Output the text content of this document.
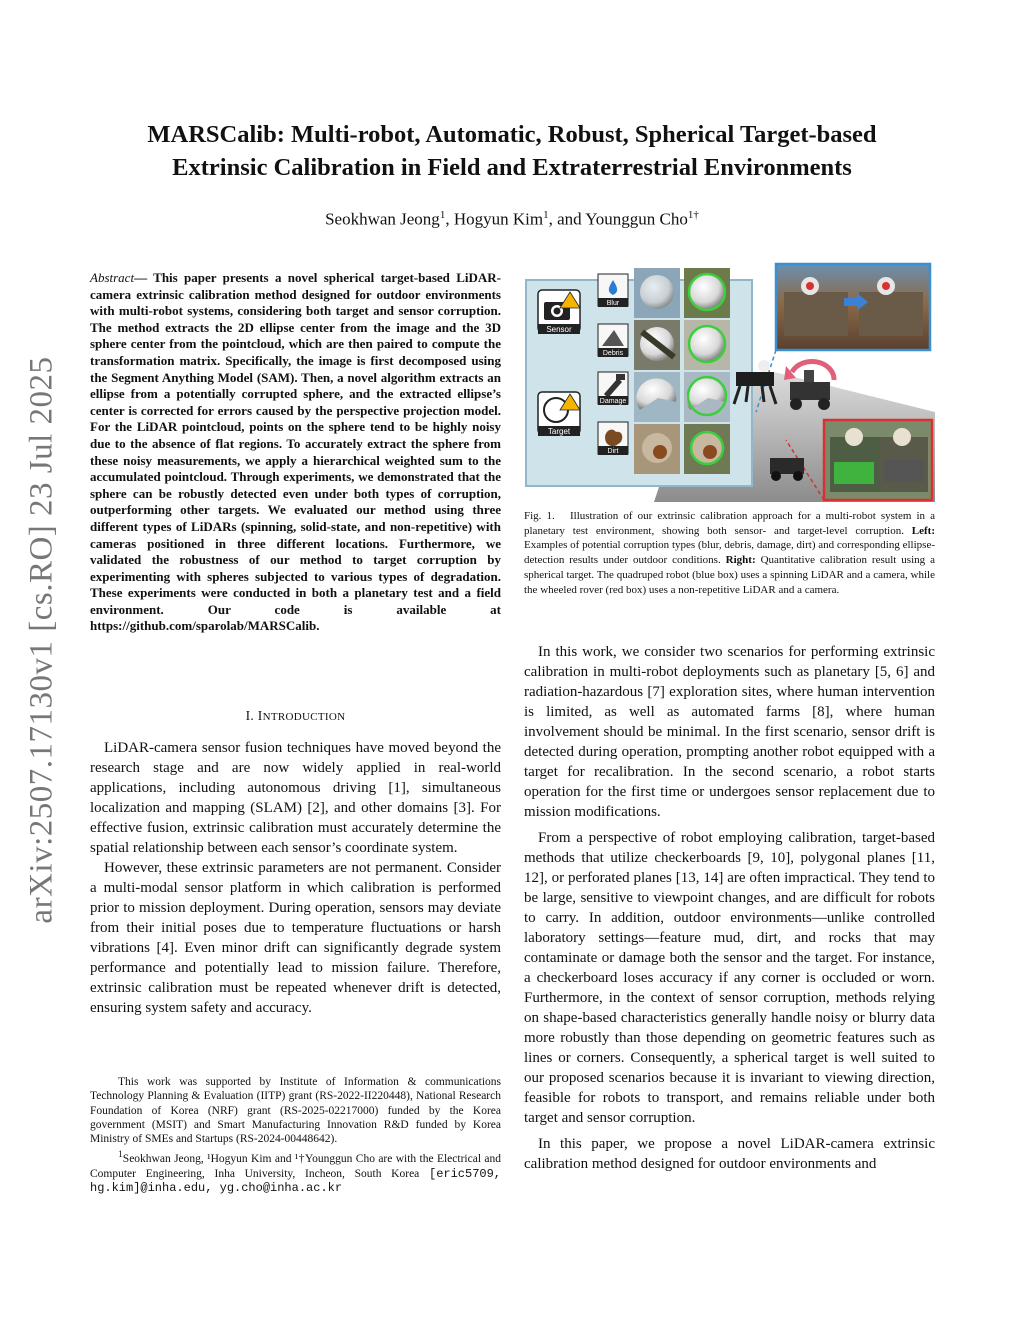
MARSCalib: Multi-robot, Automatic, Robust, Spherical Target-based
Extrinsic Calibration in Field and Extraterrestrial Environments
Seokhwan Jeong$^1$, Hogyun Kim$^1$, and Younggun Cho$^{1\dagger}$
arXiv:2507.17130v1 [cs.RO] 23 Jul 2025

Abstract— This paper presents a novel spherical target-based LiDAR-camera extrinsic calibration method designed for outdoor environments with multi-robot systems, considering both target and sensor corruption. The method extracts the 2D ellipse center from the image and the 3D sphere center from the pointcloud, which are then paired to compute the transformation matrix. Specifically, the image is first decomposed using the Segment Anything Model (SAM). Then, a novel algorithm extracts an ellipse from a potentially corrupted sphere, and the extracted ellipse’s center is corrected for errors caused by the perspective projection model. For the LiDAR pointcloud, points on the sphere tend to be highly noisy due to the absence of flat regions. To accurately extract the sphere from these noisy measurements, we apply a hierarchical weighted sum to the accumulated pointcloud. Through experiments, we demonstrated that the sphere can be robustly detected even under both types of corruption, outperforming other targets. We evaluated our method using three different types of LiDARs (spinning, solid-state, and non-repetitive) with cameras positioned in three different locations. Furthermore, we validated the robustness of our method to target corruption by experimenting with spheres subjected to various types of degradation. These experiments were conducted in both a planetary test and a field environment. Our code is available at https://github.com/sparolab/MARSCalib.

I. INTRODUCTION

LiDAR-camera sensor fusion techniques have moved beyond the research stage and are now widely applied in real-world applications, including autonomous driving [1], simultaneous localization and mapping (SLAM) [2], and other domains [3]. For effective fusion, extrinsic calibration must accurately determine the spatial relationship between each sensor’s coordinate system.

However, these extrinsic parameters are not permanent. Consider a multi-modal sensor platform in which calibration is performed prior to mission deployment. During operation, sensors may deviate from their initial poses due to temperature fluctuations or harsh vibrations [4]. Even minor drift can significantly degrade system performance and potentially lead to mission failure. Therefore, extrinsic calibration must be repeated whenever drift is detected, ensuring system safety and accuracy.

This work was supported by Institute of Information & communications Technology Planning & Evaluation (IITP) grant (RS-2022-II220448), National Research Foundation of Korea (NRF) grant (RS-2025-02217000) funded by the Korea government (MSIT) and Smart Manufacturing Innovation R&D funded by Korea Ministry of SMEs and Startups (RS-2024-00448642).

$^1$Seokhwan Jeong, ¹Hogyun Kim and ¹†Younggun Cho are with the Electrical and Computer Engineering, Inha University, Incheon, South Korea [eric5709, hg.kim]@inha.edu, yg.cho@inha.ac.kr

Sensor
Target
Blur
Debris
Damage
Dirt
Fig. 1. Illustration of our extrinsic calibration approach for a multi-robot system in a planetary test environment, showing both sensor- and target-level corruption. Left: Examples of potential corruption types (blur, debris, damage, dirt) and corresponding ellipse-detection results under outdoor conditions. Right: Quantitative calibration result using a spherical target. The quadruped robot (blue box) uses a spinning LiDAR and a camera, while the wheeled rover (red box) uses a non-repetitive LiDAR and a camera.

In this work, we consider two scenarios for performing extrinsic calibration in multi-robot deployments such as planetary [5, 6] and radiation-hazardous [7] exploration sites, where human intervention is limited, as well as automated farms [8], where human involvement should be minimal. In the first scenario, sensor drift is detected during operation, prompting another robot equipped with a target for recalibration. In the second scenario, a robot starts operation for the first time or undergoes sensor replacement due to mission modifications.

From a perspective of robot employing calibration, target-based methods that utilize checkerboards [9, 10], polygonal planes [11, 12], or perforated planes [13, 14] are often impractical. They tend to be large, sensitive to viewpoint changes, and are difficult for robots to carry. In addition, outdoor environments—unlike controlled laboratory settings—feature mud, dirt, and rocks that may contaminate or damage both the sensor and the target. For instance, a checkerboard loses accuracy if any corner is occluded or worn. Furthermore, in the context of sensor corruption, methods relying on shape-based characteristics generally handle noisy or blurry data more robustly than those depending on geometric features such as lines or corners. Consequently, a spherical target is well suited to our proposed scenarios because it is invariant to viewing direction, feasible for robots to transport, and remains reliable under both target and sensor corruption.

In this paper, we propose a novel LiDAR-camera extrinsic calibration method designed for outdoor environments and
